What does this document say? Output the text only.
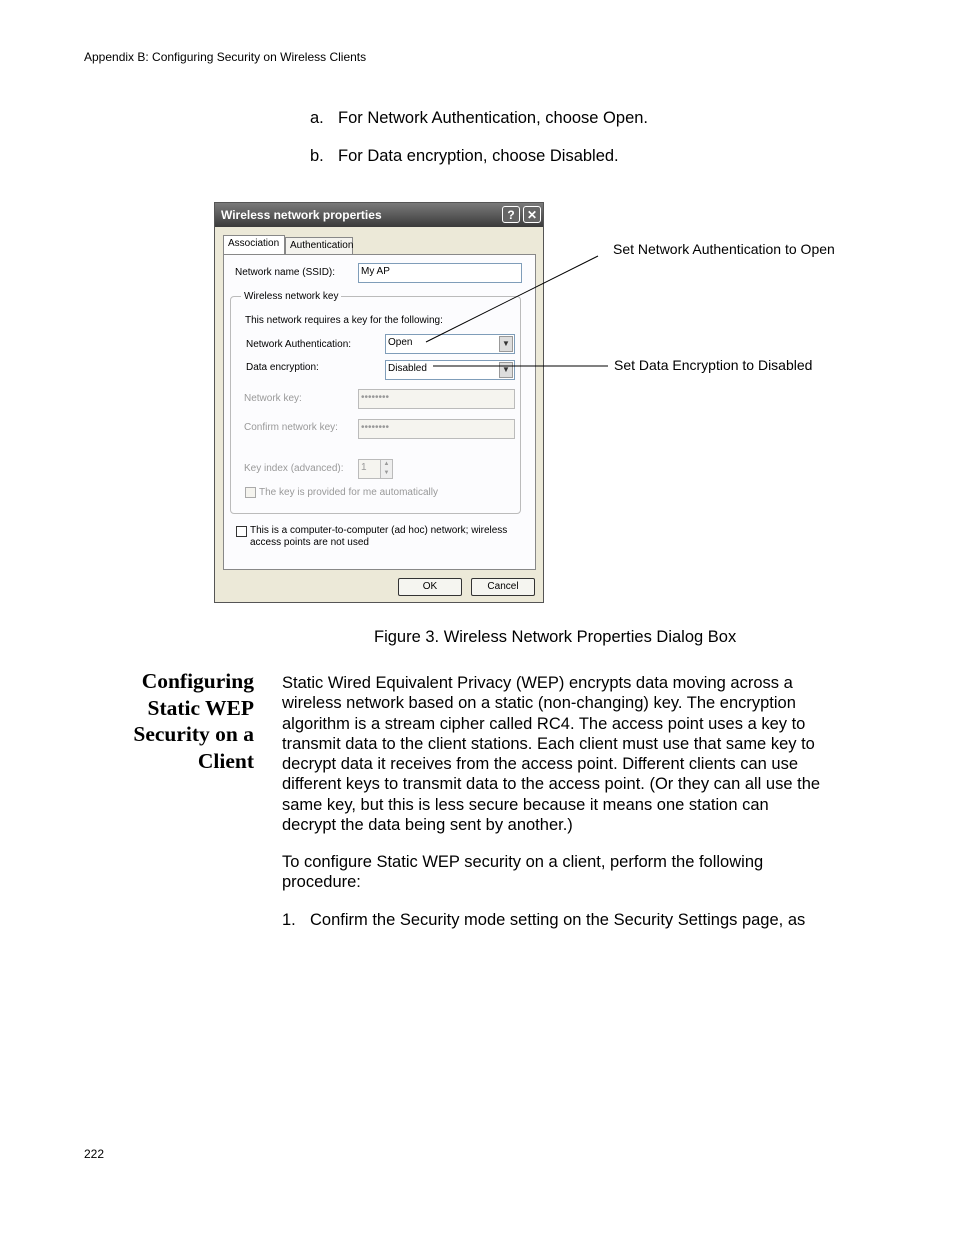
Appendix B: Configuring Security on Wireless Clients
a. For Network Authentication, choose Open.
b. For Data encryption, choose Disabled.
Wireless network properties	?	✕
Association	Authentication
Network name (SSID):	My AP
Wireless network key
This network requires a key for the following:
Network Authentication:	Open	▼
Data encryption:	Disabled	▼
Network key:	••••••••
Confirm network key:	••••••••
Key index (advanced):	1	▲
▼
The key is provided for me automatically
This is a computer-to-computer (ad hoc) network; wireless
access points are not used
OK	Cancel
Set Network Authentication to Open
Set Data Encryption to Disabled
Figure 3. Wireless Network Properties Dialog Box
Configuring
Static WEP
Security on a
Client
Static Wired Equivalent Privacy (WEP) encrypts data moving across a
wireless network based on a static (non-changing) key. The encryption
algorithm is a stream cipher called RC4. The access point uses a key to
transmit data to the client stations. Each client must use that same key to
decrypt data it receives from the access point. Different clients can use
different keys to transmit data to the access point. (Or they can all use the
same key, but this is less secure because it means one station can
decrypt the data being sent by another.)
To configure Static WEP security on a client, perform the following
procedure:
1. Confirm the Security mode setting on the Security Settings page, as
222
